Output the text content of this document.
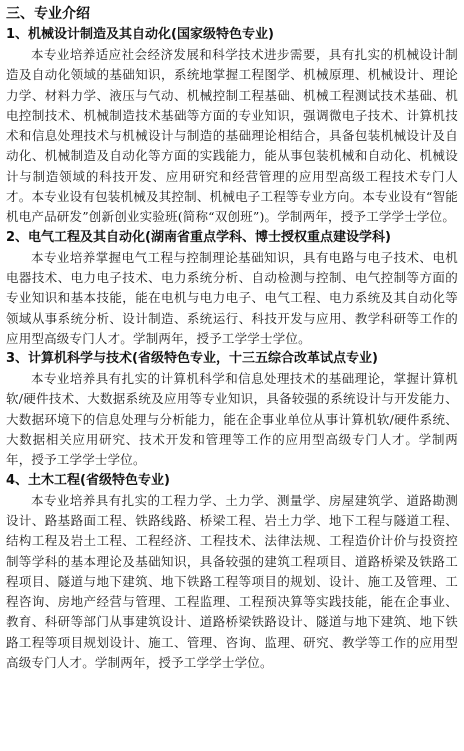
三、专业介绍
1、机械设计制造及其自动化(国家级特色专业)

本专业培养适应社会经济发展和科学技术进步需要，具有扎实的机械设计制造及自动化领域的基础知识，系统地掌握工程图学、机械原理、机械设计、理论力学、材料力学、液压与气动、机械控制工程基础、机械工程测试技术基础、机电控制技术、机械制造技术基础等方面的专业知识，强调微电子技术、计算机技术和信息处理技术与机械设计与制造的基础理论相结合，具备包装机械设计及自动化、机械制造及自动化等方面的实践能力，能从事包装机械和自动化、机械设计与制造领域的科技开发、应用研究和经营管理的应用型高级工程技术专门人才。本专业设有包装机械及其控制、机械电子工程等专业方向。本专业设有“智能机电产品研发”创新创业实验班(简称“双创班”)。学制两年，授予工学学士学位。

2、电气工程及其自动化(湖南省重点学科、博士授权重点建设学科)

本专业培养掌握电气工程与控制理论基础知识，具有电路与电子技术、电机电器技术、电力电子技术、电力系统分析、自动检测与控制、电气控制等方面的专业知识和基本技能，能在电机与电力电子、电气工程、电力系统及其自动化等领域从事系统分析、设计制造、系统运行、科技开发与应用、教学科研等工作的应用型高级专门人才。学制两年，授予工学学士学位。

3、计算机科学与技术(省级特色专业，十三五综合改革试点专业)

本专业培养具有扎实的计算机科学和信息处理技术的基础理论，掌握计算机软/硬件技术、大数据系统及应用等专业知识，具备较强的系统设计与开发能力、大数据环境下的信息处理与分析能力，能在企事业单位从事计算机软/硬件系统、大数据相关应用研究、技术开发和管理等工作的应用型高级专门人才。学制两年，授予工学学士学位。

4、土木工程(省级特色专业)

本专业培养具有扎实的工程力学、土力学、测量学、房屋建筑学、道路勘测设计、路基路面工程、铁路线路、桥梁工程、岩土力学、地下工程与隧道工程、结构工程及岩土工程、工程经济、工程技术、法律法规、工程造价计价与投资控制等学科的基本理论及基础知识，具备较强的建筑工程项目、道路桥梁及铁路工程项目、隧道与地下建筑、地下铁路工程等项目的规划、设计、施工及管理、工程咨询、房地产经营与管理、工程监理、工程预决算等实践技能，能在企事业、教育、科研等部门从事建筑设计、道路桥梁铁路设计、隧道与地下建筑、地下铁路工程等项目规划设计、施工、管理、咨询、监理、研究、教学等工作的应用型高级专门人才。学制两年，授予工学学士学位。
